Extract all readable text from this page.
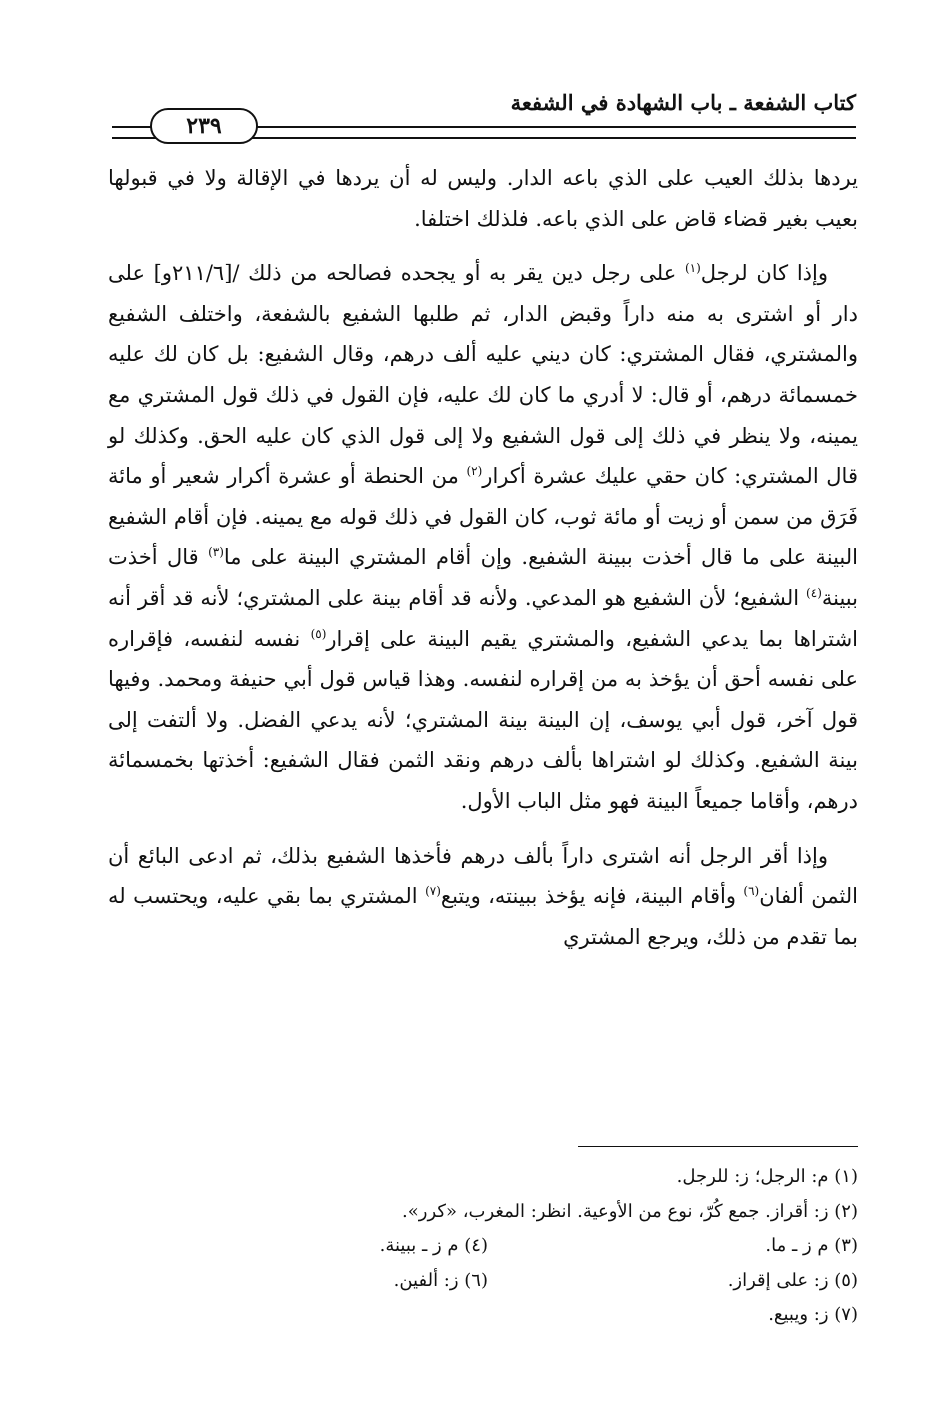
كتاب الشفعة ـ باب الشهادة في الشفعة
٢٣٩

يردها بذلك العيب على الذي باعه الدار. وليس له أن يردها في الإقالة ولا في قبولها بعيب بغير قضاء قاض على الذي باعه. فلذلك اختلفا.

وإذا كان لرجل$^{(١)}$ على رجل دين يقر به أو يجحده فصالحه من ذلك /[٢١١/٦و] على دار أو اشترى به منه داراً وقبض الدار، ثم طلبها الشفيع بالشفعة، واختلف الشفيع والمشتري، فقال المشتري: كان ديني عليه ألف درهم، وقال الشفيع: بل كان لك عليه خمسمائة درهم، أو قال: لا أدري ما كان لك عليه، فإن القول في ذلك قول المشتري مع يمينه، ولا ينظر في ذلك إلى قول الشفيع ولا إلى قول الذي كان عليه الحق. وكذلك لو قال المشتري: كان حقي عليك عشرة أكرار$^{(٢)}$ من الحنطة أو عشرة أكرار شعير أو مائة فَرَق من سمن أو زيت أو مائة ثوب، كان القول في ذلك قوله مع يمينه. فإن أقام الشفيع البينة على ما قال أخذت ببينة الشفيع. وإن أقام المشتري البينة على ما$^{(٣)}$ قال أخذت ببينة$^{(٤)}$ الشفيع؛ لأن الشفيع هو المدعي. ولأنه قد أقام بينة على المشتري؛ لأنه قد أقر أنه اشتراها بما يدعي الشفيع، والمشتري يقيم البينة على إقرار$^{(٥)}$ نفسه لنفسه، فإقراره على نفسه أحق أن يؤخذ به من إقراره لنفسه. وهذا قياس قول أبي حنيفة ومحمد. وفيها قول آخر، قول أبي يوسف، إن البينة بينة المشتري؛ لأنه يدعي الفضل. ولا ألتفت إلى بينة الشفيع. وكذلك لو اشتراها بألف درهم ونقد الثمن فقال الشفيع: أخذتها بخمسمائة درهم، وأقاما جميعاً البينة فهو مثل الباب الأول.

وإذا أقر الرجل أنه اشترى داراً بألف درهم فأخذها الشفيع بذلك، ثم ادعى البائع أن الثمن ألفان$^{(٦)}$ وأقام البينة، فإنه يؤخذ ببينته، ويتبع$^{(٧)}$ المشتري بما بقي عليه، ويحتسب له بما تقدم من ذلك، ويرجع المشتري

(١) م: الرجل؛ ز: للرجل.
(٢) ز: أقراز. جمع كُرّ، نوع من الأوعية. انظر: المغرب، «كرر».
(٣) م ز ـ ما.
(٤) م ز ـ ببينة.
(٥) ز: على إقراز.
(٦) ز: ألفين.
(٧) ز: ويبيع.
